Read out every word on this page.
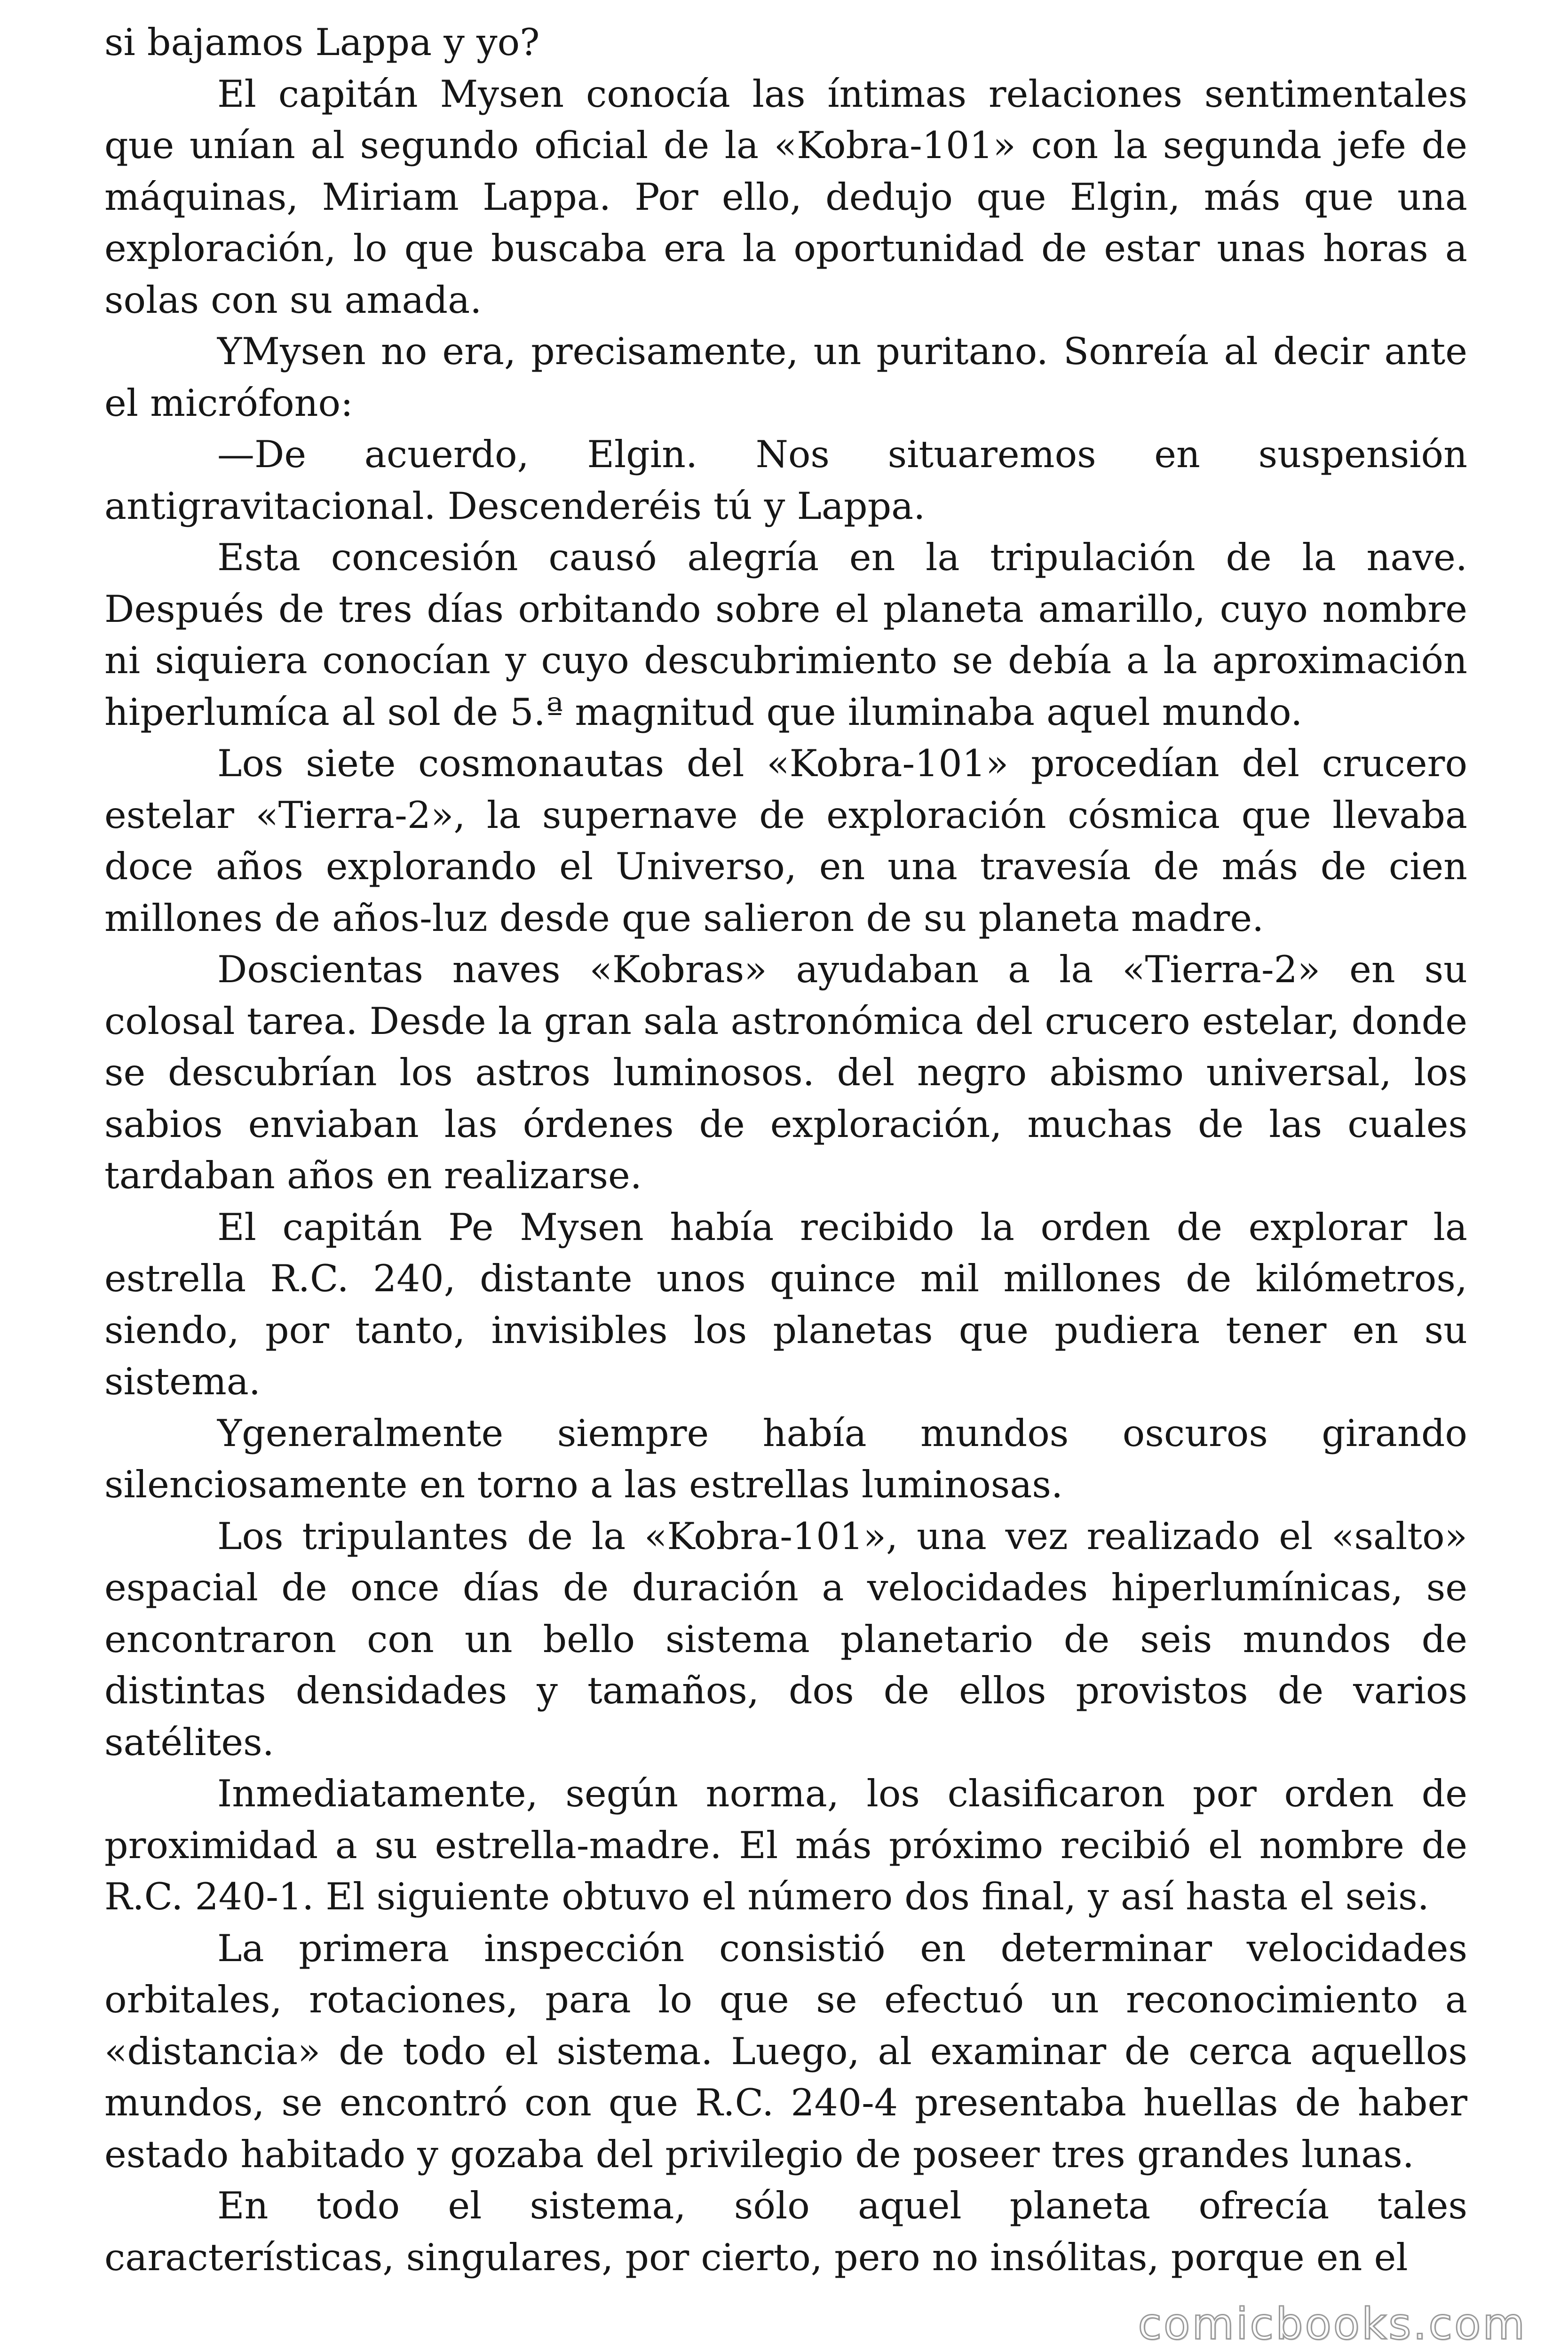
si bajamos Lappa y yo?

El capitán Mysen conocía las íntimas relaciones sentimentales que unían al segundo oficial de la «Kobra-101» con la segunda jefe de máquinas, Miriam Lappa. Por ello, dedujo que Elgin, más que una exploración, lo que buscaba era la oportunidad de estar unas horas a solas con su amada.

YMysen no era, precisamente, un puritano. Sonreía al decir ante el micrófono:

—De acuerdo, Elgin. Nos situaremos en suspensión antigravitacional. Descenderéis tú y Lappa.

Esta concesión causó alegría en la tripulación de la nave. Después de tres días orbitando sobre el planeta amarillo, cuyo nombre ni siquiera conocían y cuyo descubrimiento se debía a la aproximación hiperlumíca al sol de 5.ª magnitud que iluminaba aquel mundo.

Los siete cosmonautas del «Kobra-101» procedían del crucero estelar «Tierra-2», la supernave de exploración cósmica que llevaba doce años explorando el Universo, en una travesía de más de cien millones de años-luz desde que salieron de su planeta madre.

Doscientas naves «Kobras» ayudaban a la «Tierra-2» en su colosal tarea. Desde la gran sala astronómica del crucero estelar, donde se descubrían los astros luminosos. del negro abismo universal, los sabios enviaban las órdenes de exploración, muchas de las cuales tardaban años en realizarse.

El capitán Pe Mysen había recibido la orden de explorar la estrella R.C. 240, distante unos quince mil millones de kilómetros, siendo, por tanto, invisibles los planetas que pudiera tener en su sistema.

Ygeneralmente siempre había mundos oscuros girando silenciosamente en torno a las estrellas luminosas.

Los tripulantes de la «Kobra-101», una vez realizado el «salto» espacial de once días de duración a velocidades hiperlumínicas, se encontraron con un bello sistema planetario de seis mundos de distintas densidades y tamaños, dos de ellos provistos de varios satélites.

Inmediatamente, según norma, los clasificaron por orden de proximidad a su estrella-madre. El más próximo recibió el nombre de R.C. 240-1. El siguiente obtuvo el número dos final, y así hasta el seis.

La primera inspección consistió en determinar velocidades orbitales, rotaciones, para lo que se efectuó un reconocimiento a «distancia» de todo el sistema. Luego, al examinar de cerca aquellos mundos, se encontró con que R.C. 240-4 presentaba huellas de haber estado habitado y gozaba del privilegio de poseer tres grandes lunas.

En todo el sistema, sólo aquel planeta ofrecía tales características, singulares, por cierto, pero no insólitas, porque en el

comicbooks.com
